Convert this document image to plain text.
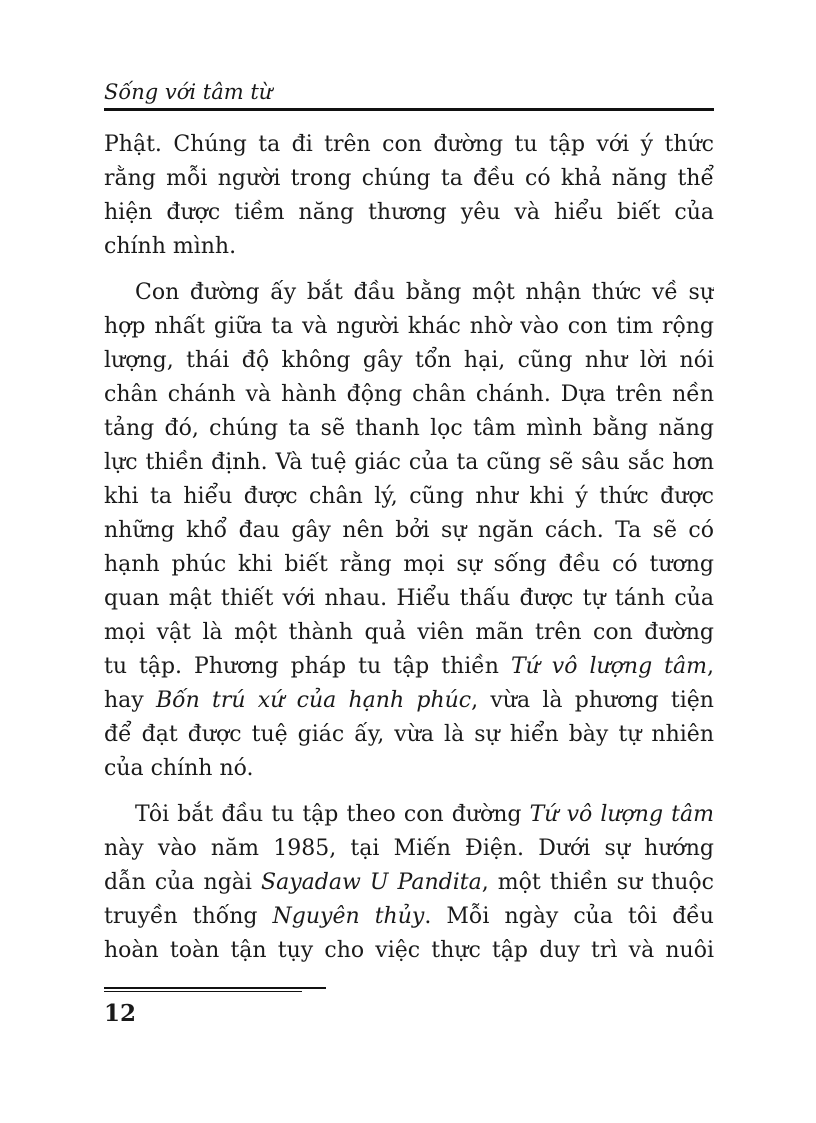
Sống với tâm từ
Phật. Chúng ta đi trên con đường tu tập với ý thức
rằng mỗi người trong chúng ta đều có khả năng thể
hiện được tiềm năng thương yêu và hiểu biết của
chính mình.
Con đường ấy bắt đầu bằng một nhận thức về sự
hợp nhất giữa ta và người khác nhờ vào con tim rộng
lượng, thái độ không gây tổn hại, cũng như lời nói
chân chánh và hành động chân chánh. Dựa trên nền
tảng đó, chúng ta sẽ thanh lọc tâm mình bằng năng
lực thiền định. Và tuệ giác của ta cũng sẽ sâu sắc hơn
khi ta hiểu được chân lý, cũng như khi ý thức được
những khổ đau gây nên bởi sự ngăn cách. Ta sẽ có
hạnh phúc khi biết rằng mọi sự sống đều có tương
quan mật thiết với nhau. Hiểu thấu được tự tánh của
mọi vật là một thành quả viên mãn trên con đường
tu tập. Phương pháp tu tập thiền Tứ vô lượng tâm,
hay Bốn trú xứ của hạnh phúc, vừa là phương tiện
để đạt được tuệ giác ấy, vừa là sự hiển bày tự nhiên
của chính nó.
Tôi bắt đầu tu tập theo con đường Tứ vô lượng tâm
này vào năm 1985, tại Miến Điện. Dưới sự hướng
dẫn của ngài Sayadaw U Pandita, một thiền sư thuộc
truyền thống Nguyên thủy. Mỗi ngày của tôi đều
hoàn toàn tận tụy cho việc thực tập duy trì và nuôi
12
